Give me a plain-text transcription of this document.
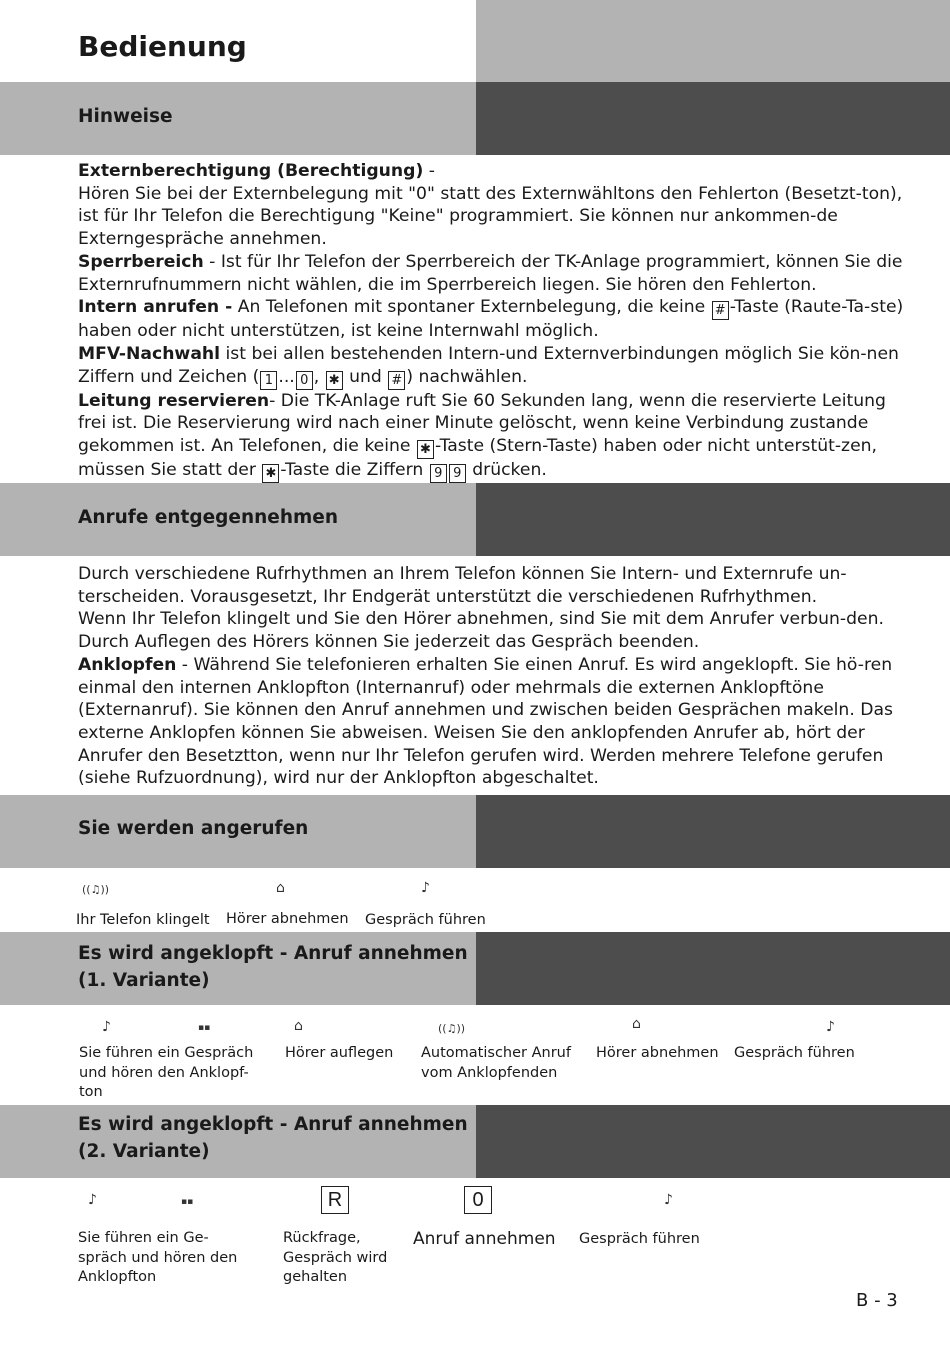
Bedienung
Hinweise

Externberechtigung (Berechtigung) -
Hören Sie bei der Externbelegung mit "0" statt des Externwähltons den Fehlerton (Besetzt-ton), ist für Ihr Telefon die Berechtigung "Keine" programmiert. Sie können nur ankommen-de Externgespräche annehmen.

Sperrbereich - Ist für Ihr Telefon der Sperrbereich der TK-Anlage programmiert, können Sie die Externrufnummern nicht wählen, die im Sperrbereich liegen. Sie hören den Fehlerton.

Intern anrufen - An Telefonen mit spontaner Externbelegung, die keine # -Taste (Raute-Ta-ste) haben oder nicht unterstützen, ist keine Internwahl möglich.

MFV-Nachwahl ist bei allen bestehenden Intern-und Externverbindungen möglich Sie kön-nen Ziffern und Zeichen ( 1 ... 0 , ✱ und # ) nachwählen.

Leitung reservieren- Die TK-Anlage ruft Sie 60 Sekunden lang, wenn die reservierte Leitung frei ist. Die Reservierung wird nach einer Minute gelöscht, wenn keine Verbindung zustande gekommen ist. An Telefonen, die keine ✱ -Taste (Stern-Taste) haben oder nicht unterstüt-zen, müssen Sie statt der ✱ -Taste die Ziffern 9 9 drücken.

Anrufe entgegennehmen

Durch verschiedene Rufrhythmen an Ihrem Telefon können Sie Intern- und Externrufe un-terscheiden. Vorausgesetzt, Ihr Endgerät unterstützt die verschiedenen Rufrhythmen.

Wenn Ihr Telefon klingelt und Sie den Hörer abnehmen, sind Sie mit dem Anrufer verbun-den. Durch Auflegen des Hörers können Sie jederzeit das Gespräch beenden.

Anklopfen - Während Sie telefonieren erhalten Sie einen Anruf. Es wird angeklopft. Sie hö-ren einmal den internen Anklopfton (Internanruf) oder mehrmals die externen Anklopftöne (Externanruf). Sie können den Anruf annehmen und zwischen beiden Gesprächen makeln. Das externe Anklopfen können Sie abweisen. Weisen Sie den anklopfenden Anrufer ab, hört der Anrufer den Besetztton, wenn nur Ihr Telefon gerufen wird. Werden mehrere Telefone gerufen (siehe Rufzuordnung), wird nur der Anklopfton abgeschaltet.

Sie werden angerufen
((♫))	⌂	♪
Ihr Telefon klingelt Hörer abnehmen Gespräch führen
Es wird angeklopft - Anruf annehmen
(1. Variante)
♪	▪▪	⌂	((♫))	⌂	♪
Sie führen ein Gespräch
und hören den Anklopf-
ton
Hörer auflegen Automatischer Anruf
vom Anklopfenden
Hörer abnehmen Gespräch führen
Es wird angeklopft - Anruf annehmen
(2. Variante)
♪	▪▪	R	0	♪
Sie führen ein Ge-
spräch und hören den
Anklopfton
Rückfrage,
Gespräch wird
gehalten
Anruf annehmen Gespräch führen
B - 3
